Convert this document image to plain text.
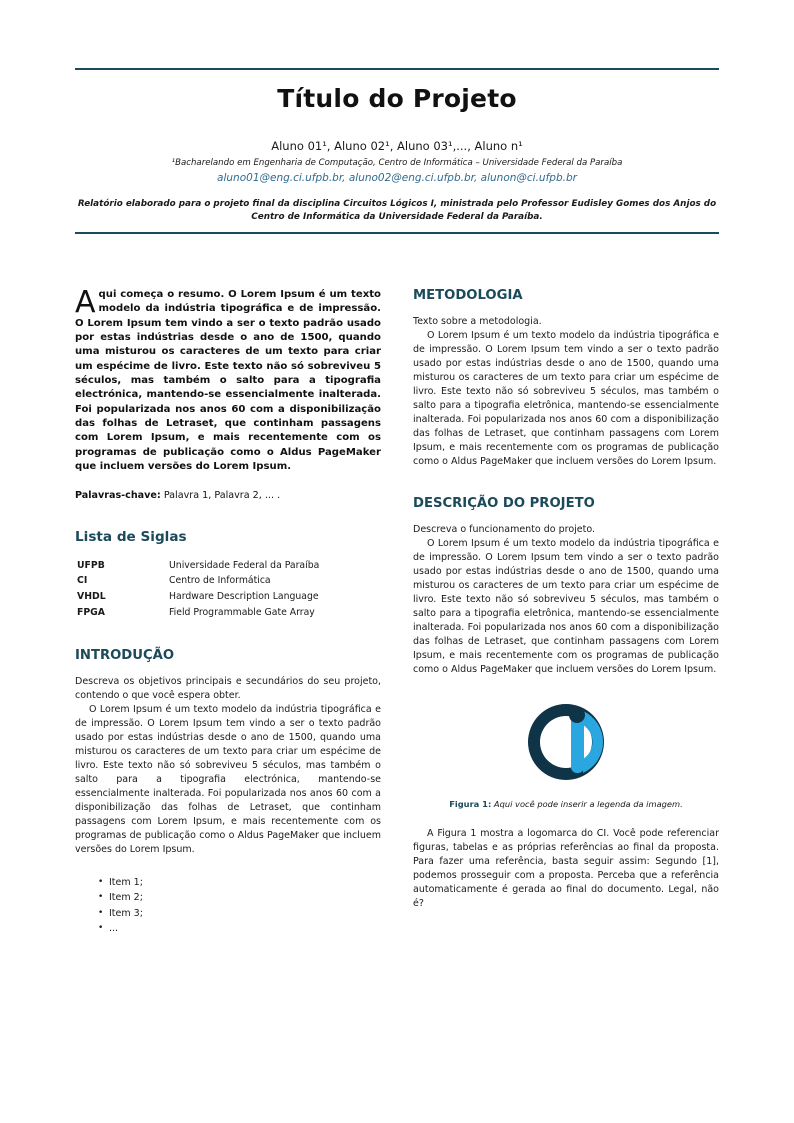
Título do Projeto
Aluno 01¹, Aluno 02¹, Aluno 03¹,..., Aluno n¹
¹Bacharelando em Engenharia de Computação, Centro de Informática – Universidade Federal da Paraíba
aluno01@eng.ci.ufpb.br, aluno02@eng.ci.ufpb.br, alunon@ci.ufpb.br
Relatório elaborado para o projeto final da disciplina Circuitos Lógicos I, ministrada pelo Professor Eudisley Gomes dos Anjos do Centro de Informática da Universidade Federal da Paraíba.
Aqui começa o resumo. O Lorem Ipsum é um texto modelo da indústria tipográfica e de impressão. O Lorem Ipsum tem vindo a ser o texto padrão usado por estas indústrias desde o ano de 1500, quando uma misturou os caracteres de um texto para criar um espécime de livro. Este texto não só sobreviveu 5 séculos, mas também o salto para a tipografia electrónica, mantendo-se essencialmente inalterada. Foi popularizada nos anos 60 com a disponibilização das folhas de Letraset, que continham passagens com Lorem Ipsum, e mais recentemente com os programas de publicação como o Aldus PageMaker que incluem versões do Lorem Ipsum.
Palavras-chave: Palavra 1, Palavra 2, ... .
Lista de Siglas
UFPB	Universidade Federal da Paraíba
CI	Centro de Informática
VHDL	Hardware Description Language
FPGA	Field Programmable Gate Array
INTRODUÇÃO

Descreva os objetivos principais e secundários do seu projeto, contendo o que você espera obter.

O Lorem Ipsum é um texto modelo da indústria tipográfica e de impressão. O Lorem Ipsum tem vindo a ser o texto padrão usado por estas indústrias desde o ano de 1500, quando uma misturou os caracteres de um texto para criar um espécime de livro. Este texto não só sobreviveu 5 séculos, mas também o salto para a tipografia electrónica, mantendo-se essencialmente inalterada. Foi popularizada nos anos 60 com a disponibilização das folhas de Letraset, que continham passagens com Lorem Ipsum, e mais recentemente com os programas de publicação como o Aldus PageMaker que incluem versões do Lorem Ipsum.

• Item 1;
• Item 2;
• Item 3;
• ...
METODOLOGIA

Texto sobre a metodologia.

O Lorem Ipsum é um texto modelo da indústria tipográfica e de impressão. O Lorem Ipsum tem vindo a ser o texto padrão usado por estas indústrias desde o ano de 1500, quando uma misturou os caracteres de um texto para criar um espécime de livro. Este texto não só sobreviveu 5 séculos, mas também o salto para a tipografia eletrônica, mantendo-se essencialmente inalterada. Foi popularizada nos anos 60 com a disponibilização das folhas de Letraset, que continham passagens com Lorem Ipsum, e mais recentemente com os programas de publicação como o Aldus PageMaker que incluem versões do Lorem Ipsum.

DESCRIÇÃO DO PROJETO

Descreva o funcionamento do projeto.

O Lorem Ipsum é um texto modelo da indústria tipográfica e de impressão. O Lorem Ipsum tem vindo a ser o texto padrão usado por estas indústrias desde o ano de 1500, quando uma misturou os caracteres de um texto para criar um espécime de livro. Este texto não só sobreviveu 5 séculos, mas também o salto para a tipografia eletrônica, mantendo-se essencialmente inalterada. Foi popularizada nos anos 60 com a disponibilização das folhas de Letraset, que continham passagens com Lorem Ipsum, e mais recentemente com os programas de publicação como o Aldus PageMaker que incluem versões do Lorem Ipsum.

Figura 1: Aqui você pode inserir a legenda da imagem.

A Figura 1 mostra a logomarca do CI. Você pode referenciar figuras, tabelas e as próprias referências ao final da proposta. Para fazer uma referência, basta seguir assim: Segundo [1], podemos prosseguir com a proposta. Perceba que a referência automaticamente é gerada ao final do documento. Legal, não é?
